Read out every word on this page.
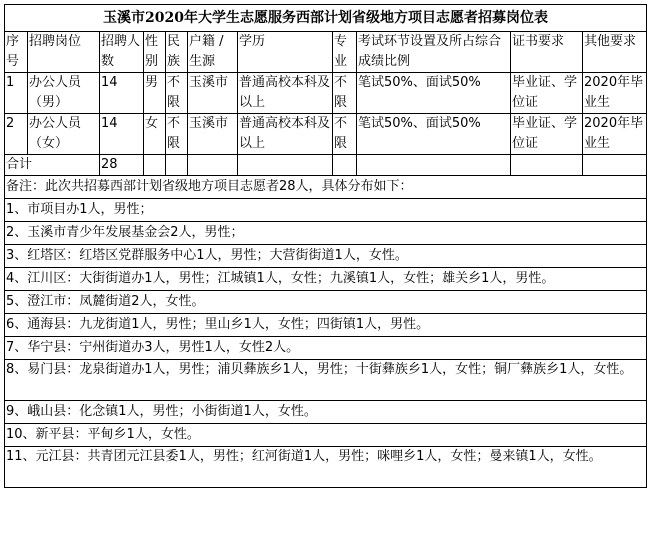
玉溪市2020年大学生志愿服务西部计划省级地方项目志愿者招募岗位表										
序号	招聘岗位	招聘人数	性别	民族	户籍 / 生源	学历	专业	考试环节设置及所占综合成绩比例	证书要求	其他要求
1	办公人员（男）	14	男	不限	玉溪市	普通高校本科及以上	不限	笔试50%、面试50%	毕业证、学位证	2020年毕业生
2	办公人员（女）	14	女	不限	玉溪市	普通高校本科及以上	不限	笔试50%、面试50%	毕业证、学位证	2020年毕业生
合计		28								
备注：此次共招募西部计划省级地方项目志愿者28人，具体分布如下：										
1、市项目办1人，男性；										
2、玉溪市青少年发展基金会2人，男性；										
3、红塔区：红塔区党群服务中心1人，男性；大营街街道1人，女性。										
4、江川区：大街街道办1人，男性；江城镇1人，女性；九溪镇1人，女性；雄关乡1人，男性。										
5、澄江市：凤麓街道2人，女性。										
6、通海县：九龙街道1人，男性；里山乡1人，女性；四街镇1人，男性。										
7、华宁县：宁州街道办3人，男性1人，女性2人。										
8、易门县：龙泉街道办1人，男性；浦贝彝族乡1人，男性；十街彝族乡1人，女性；铜厂彝族乡1人，女性。										
9、峨山县：化念镇1人，男性；小街街道1人，女性。										
10、新平县：平甸乡1人，女性。										
11、元江县：共青团元江县委1人，男性；红河街道1人，男性；咪哩乡1人，女性；曼来镇1人，女性。										
